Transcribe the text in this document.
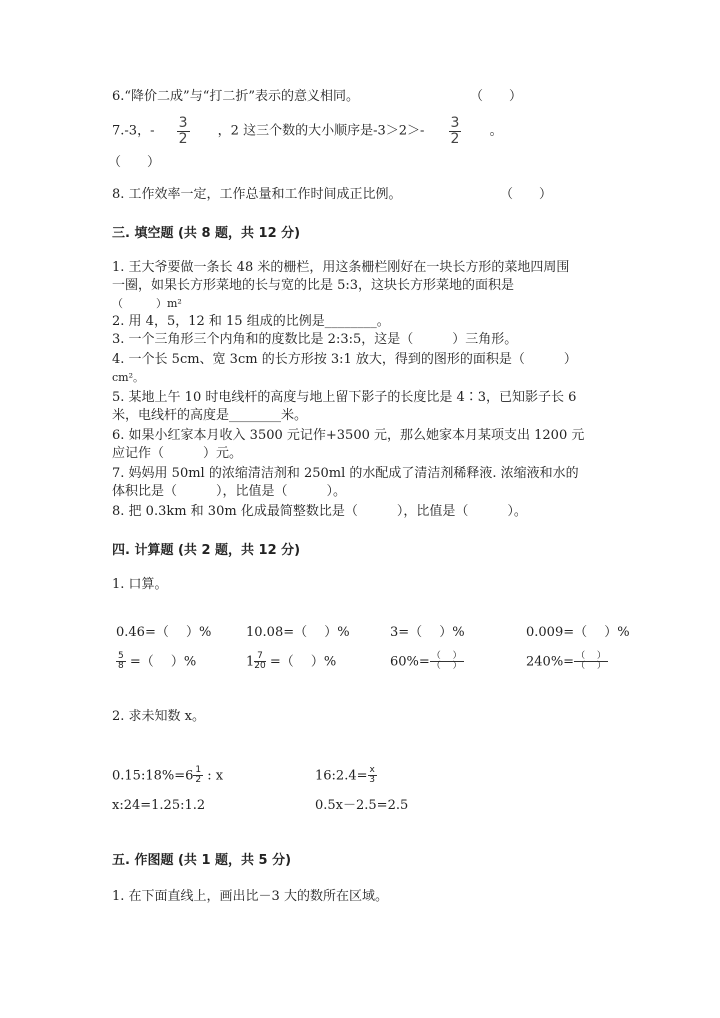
6.“降价二成”与“打二折”表示的意义相同。	（　　）
7.-3，- $\frac{3}{2}$ ，2 这三个数的大小顺序是$-3>2>- \frac{3}{2}$ 。
（　　）
8. 工作效率一定，工作总量和工作时间成正比例。	（　　）
三. 填空题 (共 8 题，共 12 分)
1. 王大爷要做一条长 48 米的栅栏，用这条栅栏刚好在一块长方形的菜地四周围
一圈，如果长方形菜地的长与宽的比是 5:3，这块长方形菜地的面积是
（　　　）m²
2. 用 4，5，12 和 15 组成的比例是________。
3. 一个三角形三个内角和的度数比是 2:3:5，这是（　　　）三角形。
4. 一个长 5cm、宽 3cm 的长方形按 3:1 放大，得到的图形的面积是（　　　）
cm²。
5. 某地上午 10 时电线杆的高度与地上留下影子的长度比是 4∶3，已知影子长 6
米，电线杆的高度是________米。
6. 如果小红家本月收入 3500 元记作+3500 元，那么她家本月某项支出 1200 元
应记作（　　　）元。
7. 妈妈用 50ml 的浓缩清洁剂和 250ml 的水配成了清洁剂稀释液. 浓缩液和水的
体积比是（　　　），比值是（　　　）。
8. 把 0.3km 和 30m 化成最简整数比是（　　　），比值是（　　　）。
四. 计算题 (共 2 题，共 12 分)
1. 口算。
0.46=（　 ）%	10.08=（　 ）%	3=（　 ）%	0.009=（　 ）%
$\frac{5}{8}$ =（　 ）%	$1 \frac{7}{20}$ =（　 ）%	$60\%= \frac{( )}{( )}$	$240\%= \frac{( )}{( )}$
2. 求未知数 x。
0.15:18%=6 $\frac{1}{2}$ : x	16:2.4= $\frac{x}{3}$
x:24=1.25:1.2	0.5x－2.5=2.5
五. 作图题 (共 1 题，共 5 分)
1. 在下面直线上，画出比－3 大的数所在区域。
